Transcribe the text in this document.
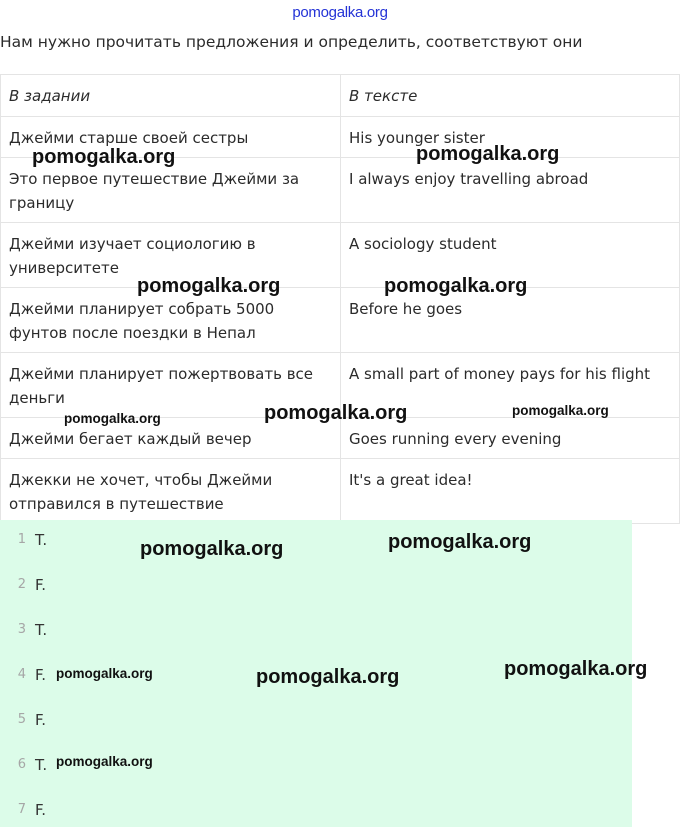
pomogalka.org
Нам нужно прочитать предложения и определить, соответствуют они
В задании	В тексте
Джейми старше своей сестры	His younger sister
Это первое путешествие Джейми за границу	I always enjoy travelling abroad
Джейми изучает социологию в университете	A sociology student
Джейми планирует собрать 5000 фунтов после поездки в Непал	Before he goes
Джейми планирует пожертвовать все деньги	A small part of money pays for his flight
Джейми бегает каждый вечер	Goes running every evening
Джекки не хочет, чтобы Джейми отправился в путешествие	It's a great idea!
1 T.
2 F.
3 T.
4 F.
5 F.
6 T.
7 F.
pomogalka.org	pomogalka.org
pomogalka.org	pomogalka.org
pomogalka.org	pomogalka.org	pomogalka.org
pomogalka.org	pomogalka.org
pomogalka.org	pomogalka.org	pomogalka.org
pomogalka.org
